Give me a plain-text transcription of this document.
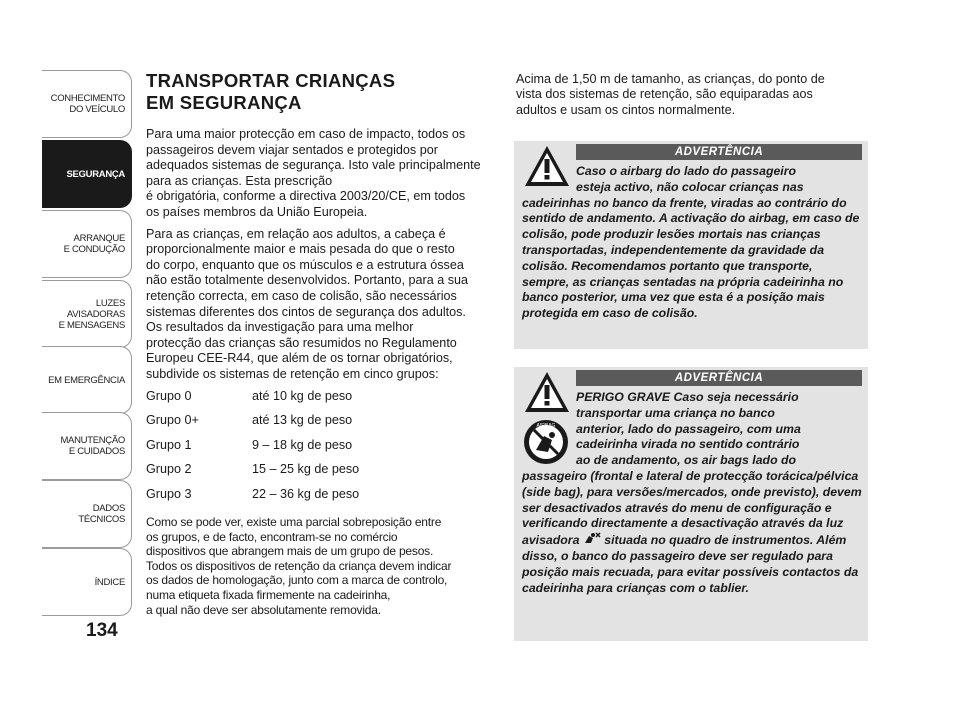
CONHECIMENTO
DO VEÍCULO
SEGURANÇA
ARRANQUE
E CONDUÇÃO
LUZES
AVISADORAS
E MENSAGENS
EM EMERGÊNCIA
MANUTENÇÃO
E CUIDADOS
DADOS
TÉCNICOS
ÍNDICE
134
TRANSPORTAR CRIANÇAS
EM SEGURANÇA

Para uma maior protecção em caso de impacto, todos os
passageiros devem viajar sentados e protegidos por
adequados sistemas de segurança. Isto vale principalmente
para as crianças. Esta prescrição
é obrigatória, conforme a directiva 2003/20/CE, em todos
os países membros da União Europeia.

Para as crianças, em relação aos adultos, a cabeça é
proporcionalmente maior e mais pesada do que o resto
do corpo, enquanto que os músculos e a estrutura óssea
não estão totalmente desenvolvidos. Portanto, para a sua
retenção correcta, em caso de colisão, são necessários
sistemas diferentes dos cintos de segurança dos adultos.
Os resultados da investigação para uma melhor
protecção das crianças são resumidos no Regulamento
Europeu CEE-R44, que além de os tornar obrigatórios,
subdivide os sistemas de retenção em cinco grupos:

Grupo 0	até 10 kg de peso
Grupo 0+	até 13 kg de peso
Grupo 1	9 – 18 kg de peso
Grupo 2	15 – 25 kg de peso
Grupo 3	22 – 36 kg de peso

Como se pode ver, existe uma parcial sobreposição entre
os grupos, e de facto, encontram-se no comércio
dispositivos que abrangem mais de um grupo de pesos.
Todos os dispositivos de retenção da criança devem indicar
os dados de homologação, junto com a marca de controlo,
numa etiqueta fixada firmemente na cadeirinha,
a qual não deve ser absolutamente removida.

Acima de 1,50 m de tamanho, as crianças, do ponto de
vista dos sistemas de retenção, são equiparadas aos
adultos e usam os cintos normalmente.

ADVERTÊNCIA
Caso o airbarg do lado do passageiro
esteja activo, não colocar crianças nas
cadeirinhas no banco da frente, viradas ao contrário do sentido de andamento. A activação do airbag, em caso de colisão, pode produzir lesões mortais nas crianças transportadas, independentemente da gravidade da colisão. Recomendamos portanto que transporte, sempre, as crianças sentadas na própria cadeirinha no banco posterior, uma vez que esta é a posição mais protegida em caso de colisão.
AIRBAG
ADVERTÊNCIA
PERIGO GRAVE Caso seja necessário
transportar uma criança no banco
anterior, lado do passageiro, com uma
cadeirinha virada no sentido contrário
ao de andamento, os air bags lado do
passageiro (frontal e lateral de protecção torácica/pélvica (side bag), para versões/mercados, onde previsto), devem ser desactivados através do menu de configuração e verificando directamente a desactivação através da luz avisadora situada no quadro de instrumentos. Além disso, o banco do passageiro deve ser regulado para posição mais recuada, para evitar possíveis contactos da cadeirinha para crianças com o tablier.
